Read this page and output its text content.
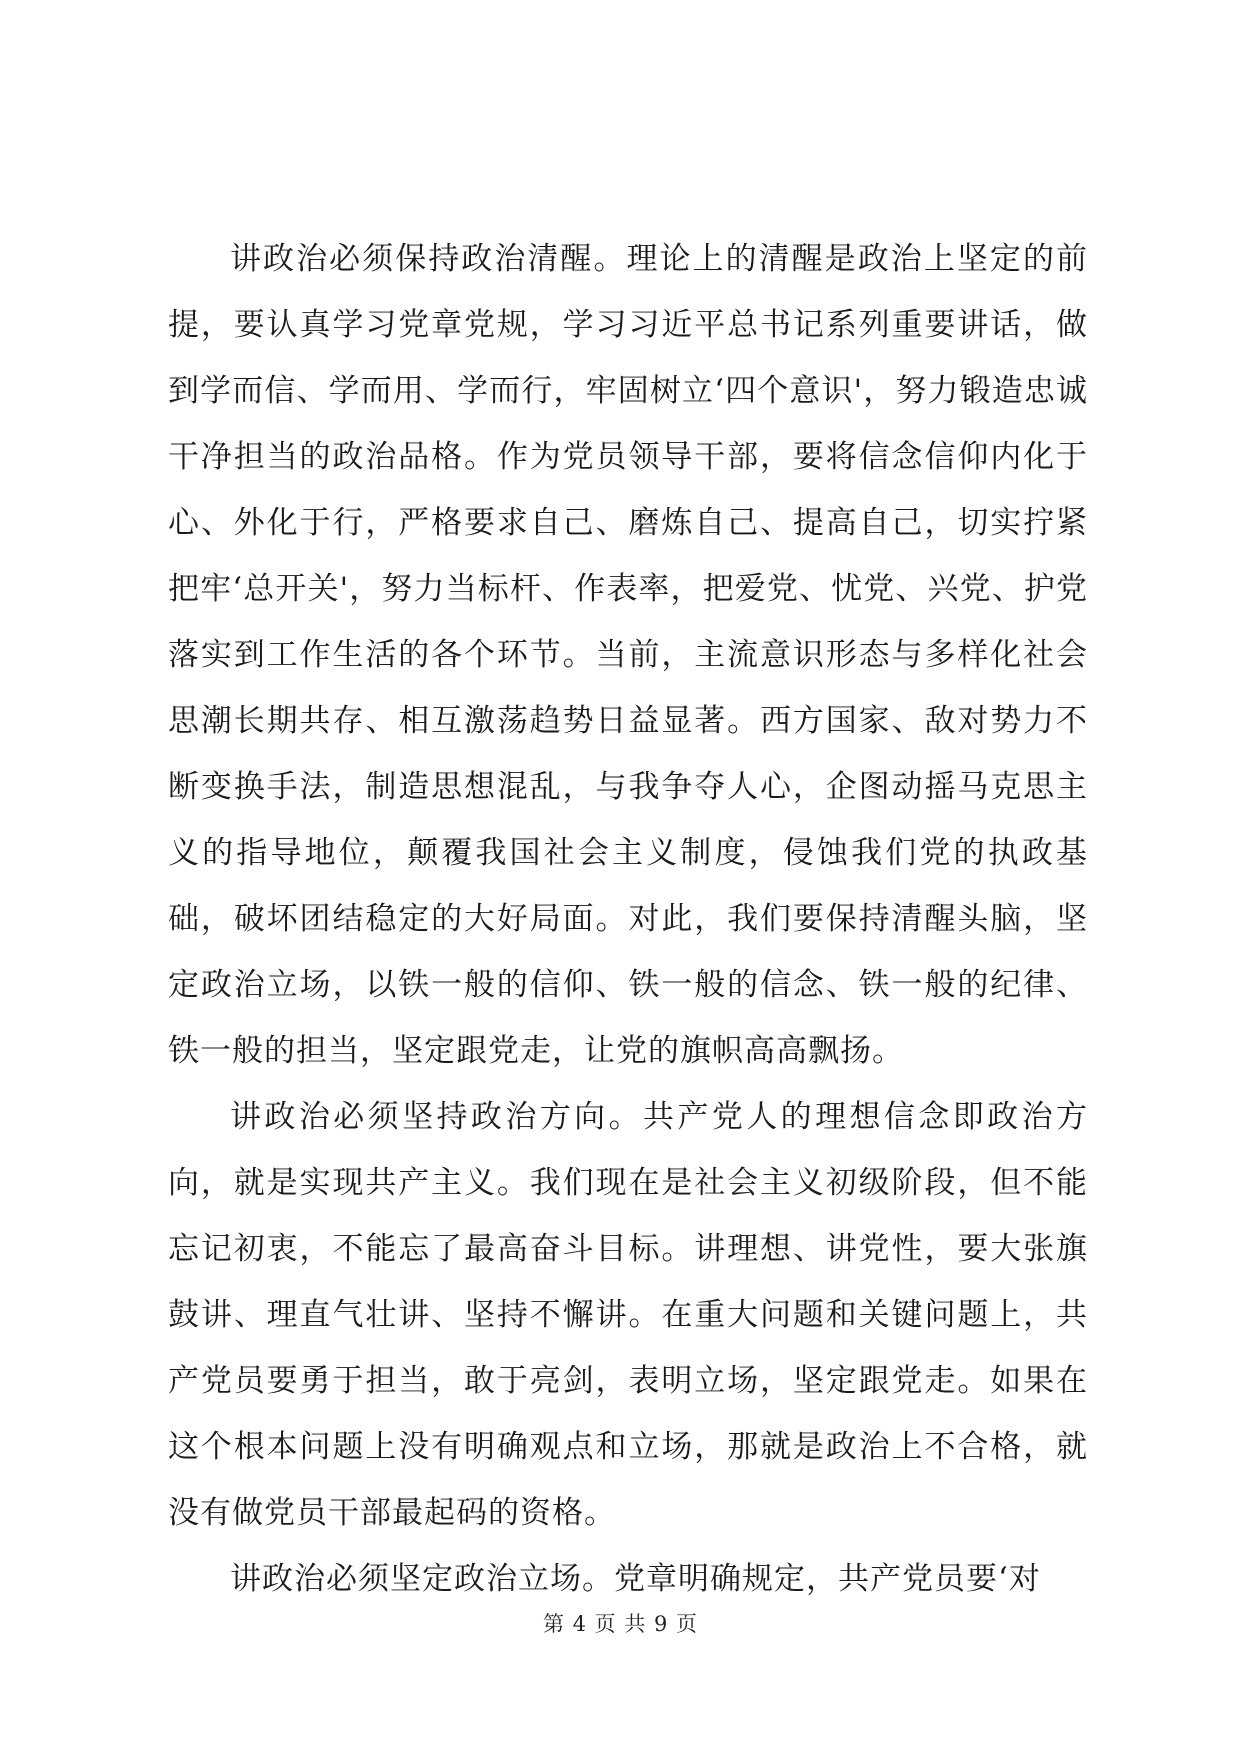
讲政治必须保持政治清醒。理论上的清醒是政治上坚定的前提，要认真学习党章党规，学习习近平总书记系列重要讲话，做到学而信、学而用、学而行，牢固树立‘四个意识'，努力锻造忠诚干净担当的政治品格。作为党员领导干部，要将信念信仰内化于心、外化于行，严格要求自己、磨炼自己、提高自己，切实拧紧把牢‘总开关'，努力当标杆、作表率，把爱党、忧党、兴党、护党落实到工作生活的各个环节。当前，主流意识形态与多样化社会思潮长期共存、相互激荡趋势日益显著。西方国家、敌对势力不断变换手法，制造思想混乱，与我争夺人心，企图动摇马克思主义的指导地位，颠覆我国社会主义制度，侵蚀我们党的执政基础，破坏团结稳定的大好局面。对此，我们要保持清醒头脑，坚定政治立场，以铁一般的信仰、铁一般的信念、铁一般的纪律、铁一般的担当，坚定跟党走，让党的旗帜高高飘扬。

讲政治必须坚持政治方向。共产党人的理想信念即政治方向，就是实现共产主义。我们现在是社会主义初级阶段，但不能忘记初衷，不能忘了最高奋斗目标。讲理想、讲党性，要大张旗鼓讲、理直气壮讲、坚持不懈讲。在重大问题和关键问题上，共产党员要勇于担当，敢于亮剑，表明立场，坚定跟党走。如果在这个根本问题上没有明确观点和立场，那就是政治上不合格，就没有做党员干部最起码的资格。

讲政治必须坚定政治立场。党章明确规定，共产党员要‘对

第 4 页 共 9 页
